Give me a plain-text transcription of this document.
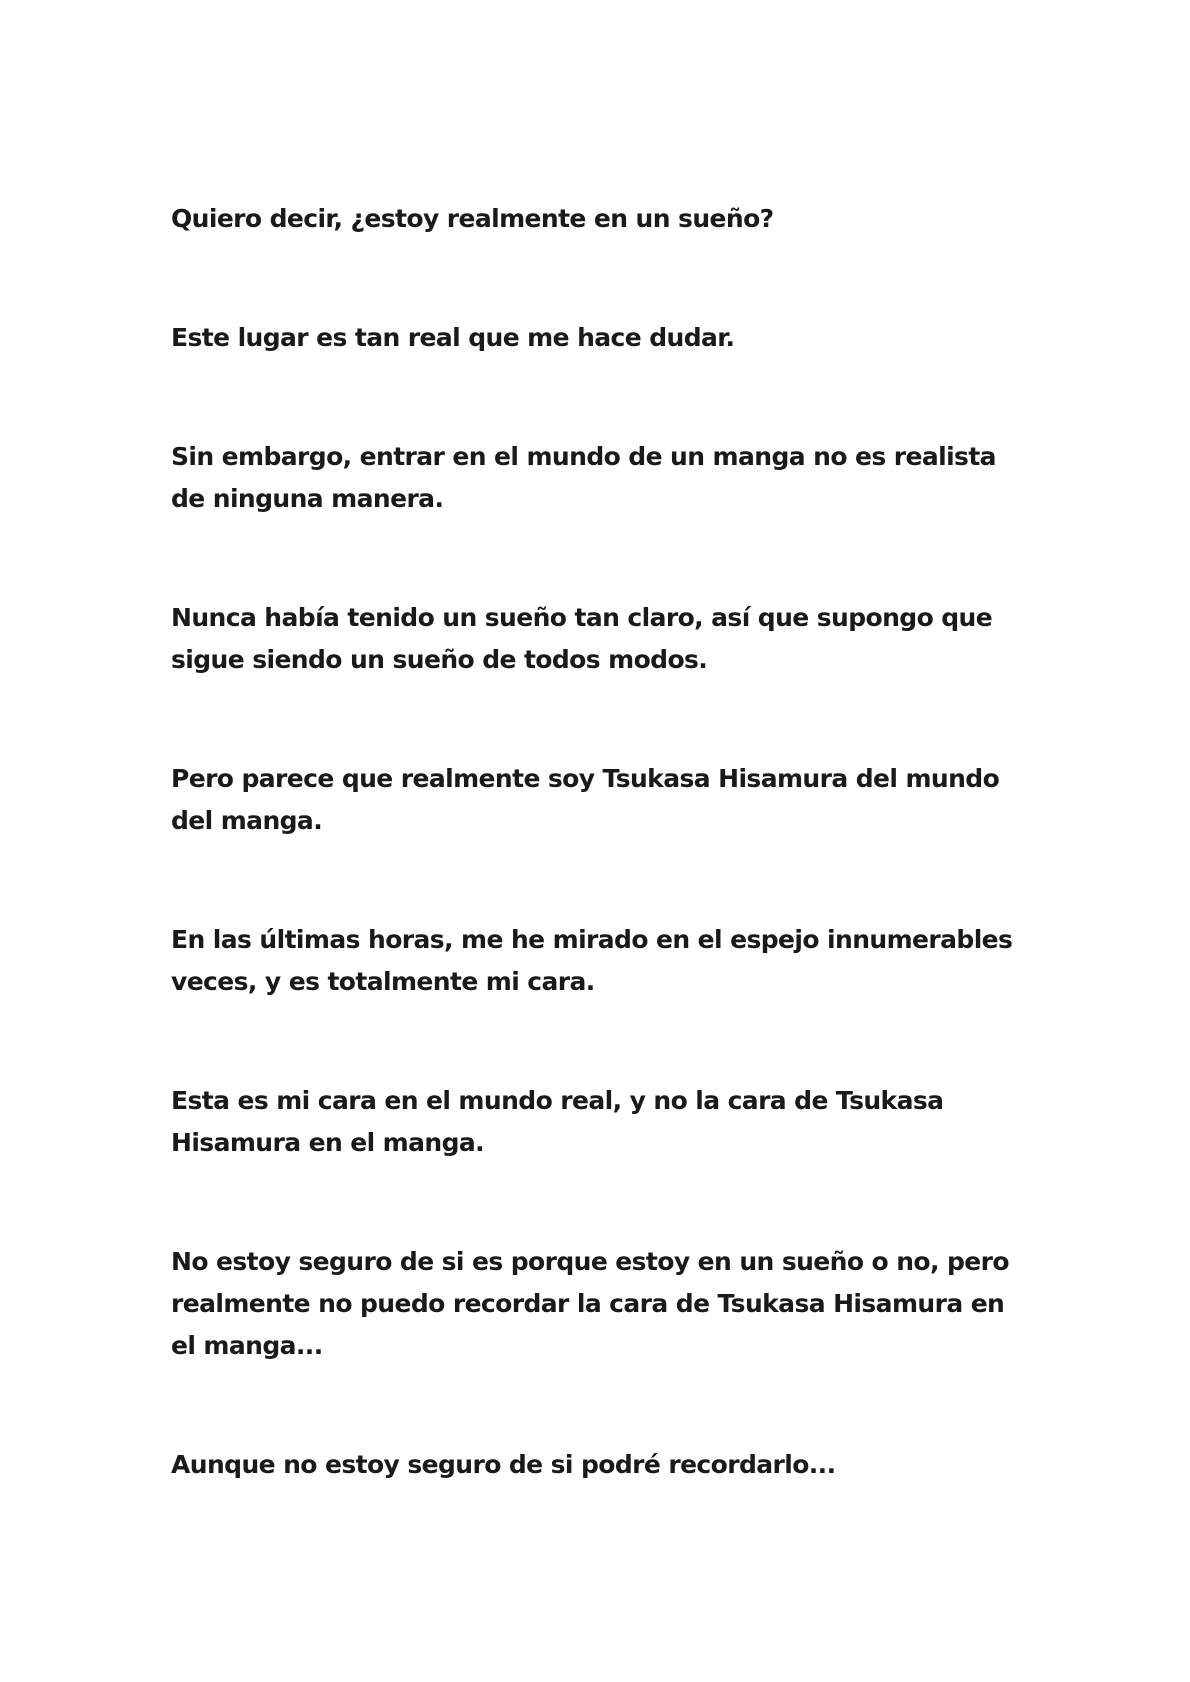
Quiero decir, ¿estoy realmente en un sueño?

Este lugar es tan real que me hace dudar.

Sin embargo, entrar en el mundo de un manga no es realista de ninguna manera.

Nunca había tenido un sueño tan claro, así que supongo que sigue siendo un sueño de todos modos.

Pero parece que realmente soy Tsukasa Hisamura del mundo del manga.

En las últimas horas, me he mirado en el espejo innumerables veces, y es totalmente mi cara.

Esta es mi cara en el mundo real, y no la cara de Tsukasa Hisamura en el manga.

No estoy seguro de si es porque estoy en un sueño o no, pero realmente no puedo recordar la cara de Tsukasa Hisamura en el manga...

Aunque no estoy seguro de si podré recordarlo...
